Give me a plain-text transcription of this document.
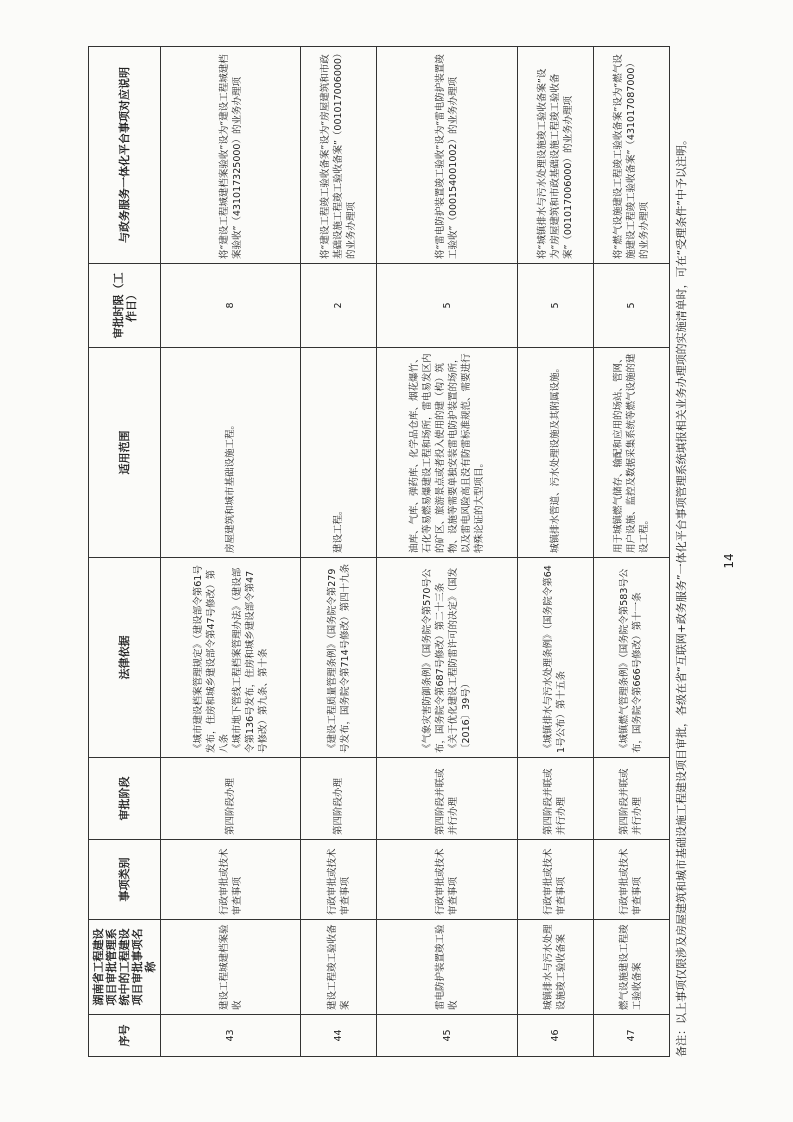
序号	湖南省工程建设项目审批管理系统中的工程建设项目审批事项名称	事项类别	审批阶段	法律依据	适用范围	审批时限（工作日）	与政务服务一体化平台事项对应说明
43	建设工程城建档案验收	行政审批或技术审查事项	第四阶段办理	《城市建设档案管理规定》（建设部令第61号发布，住房和城乡建设部令第47号修改）第八条 《城市地下管线工程档案管理办法》（建设部令第136号发布，住房和城乡建设部令第47号修改）第九条、第十条	房屋建筑和城市基础设施工程。	8	将“建设工程城建档案验收”设为“建设工程城建档案验收”（431017325000）的业务办理项
44	建设工程竣工验收备案	行政审批或技术审查事项	第四阶段办理	《建设工程质量管理条例》（国务院令第279号发布，国务院令第714号修改）第四十九条	建设工程。	2	将“建设工程竣工验收备案”设为“房屋建筑和市政基础设施工程竣工验收备案”（001017006000）的业务办理项
45	雷电防护装置竣工验收	行政审批或技术审查事项	第四阶段并联或并行办理	《气象灾害防御条例》（国务院令第570号公布，国务院令第687号修改）第二十三条 《关于优化建设工程防雷许可的决定》（国发〔2016〕39号）	油库、气库、弹药库、化学品仓库、烟花爆竹、石化等易燃易爆建设工程和场所，雷电易发区内的矿区、旅游景点或者投入使用的建（构）筑物、设施等需要单独安装雷电防护装置的场所，以及雷电风险高且没有防雷标准规范、需要进行特殊论证的大型项目。	5	将“雷电防护装置竣工验收”设为“雷电防护装置竣工验收”（000154001002）的业务办理项
46	城镇排水与污水处理设施竣工验收备案	行政审批或技术审查事项	第四阶段并联或并行办理	《城镇排水与污水处理条例》（国务院令第641号公布）第十五条	城镇排水管道、污水处理设施及其附属设施。	5	将“城镇排水与污水处理设施竣工验收备案”设为“房屋建筑和市政基础设施工程竣工验收备案”（001017006000）的业务办理项
47	燃气设施建设工程竣工验收备案	行政审批或技术审查事项	第四阶段并联或并行办理	《城镇燃气管理条例》（国务院令第583号公布，国务院令第666号修改）第十一条	用于城镇燃气储存、输配和应用的场站、管网、用户设施、监控及数据采集系统等燃气设施的建设工程。	5	将“燃气设施建设工程竣工验收备案”设为“燃气设施建设工程竣工验收备案”（431017087000）的业务办理项 备注：以上事项仅限涉及房屋建筑和城市基础设施工程建设项目审批，各级在省“互联网+政务服务”一体化平台事项管理系统填报相关业务办理项的实施清单时，可在“受理条件”中予以注明。	14
